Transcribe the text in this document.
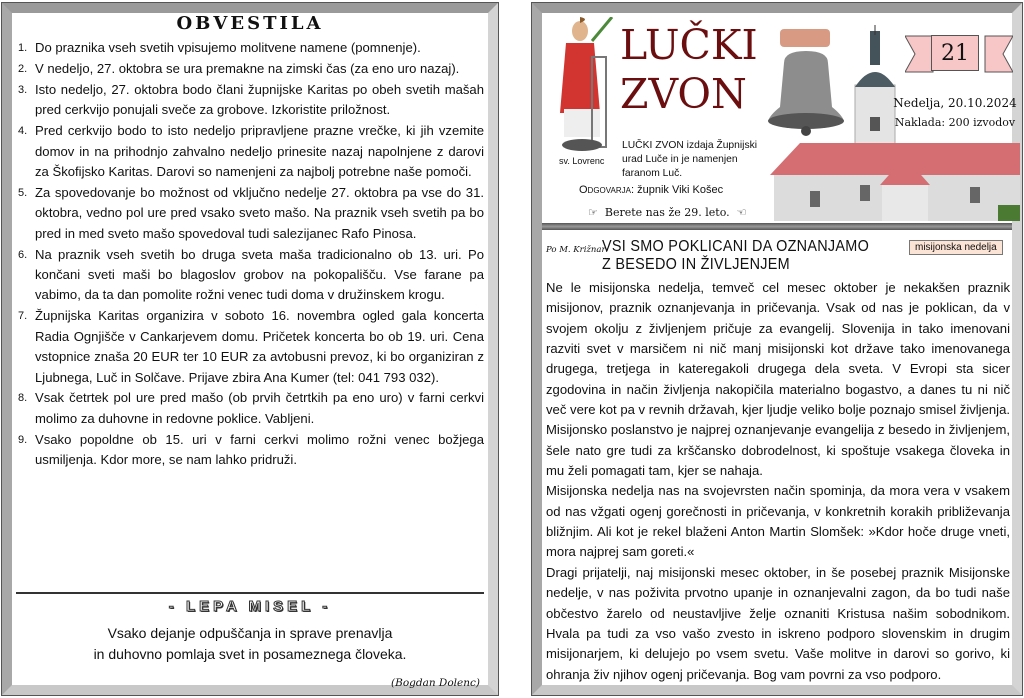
OBVESTILA
1. Do praznika vseh svetih vpisujemo molitvene namene (pomnenje).
2. V nedeljo, 27. oktobra se ura premakne na zimski čas (za eno uro nazaj).
3. Isto nedeljo, 27. oktobra bodo člani župnijske Karitas po obeh svetih mašah pred cerkvijo ponujali sveče za grobove. Izkoristite priložnost.
4. Pred cerkvijo bodo to isto nedeljo pripravljene prazne vrečke, ki jih vzemite domov in na prihodnjo zahvalno nedeljo prinesite nazaj napolnjene z darovi za Škofijsko Karitas. Darovi so namenjeni za najbolj potrebne naše pomoči.
5. Za spovedovanje bo možnost od vključno nedelje 27. oktobra pa vse do 31. oktobra, vedno pol ure pred vsako sveto mašo. Na praznik vseh svetih pa bo pred in med sveto mašo spovedoval tudi salezijanec Rafo Pinosa.
6. Na praznik vseh svetih bo druga sveta maša tradicionalno ob 13. uri. Po končani sveti maši bo blagoslov grobov na pokopališču. Vse farane pa vabimo, da ta dan pomolite rožni venec tudi doma v družinskem krogu.
7. Župnijska Karitas organizira v soboto 16. novembra ogled gala koncerta Radia Ognjišče v Cankarjevem domu. Pričetek koncerta bo ob 19. uri. Cena vstopnice znaša 20 EUR ter 10 EUR za avtobusni prevoz, ki bo organiziran z Ljubnega, Luč in Solčave. Prijave zbira Ana Kumer (tel: 041 793 032).
8. Vsak četrtek pol ure pred mašo (ob prvih četrtkih pa eno uro) v farni cerkvi molimo za duhovne in redovne poklice. Vabljeni.
9. Vsako popoldne ob 15. uri v farni cerkvi molimo rožni venec božjega usmiljenja. Kdor more, se nam lahko pridruži.
- LEPA MISEL -
Vsako dejanje odpuščanja in sprave prenavlja
in duhovno pomlaja svet in posameznega človeka.
(Bogdan Dolenc)
sv. Lovrenc
LUČKI
ZVON
LUČKI ZVON izdaja Župnijski urad Luče in je namenjen faranom Luč.
Odgovarja: župnik Viki Košec
☞ Berete nas že 29. leto. ☜
21
Nedelja, 20.10.2024
Naklada: 200 izvodov
Po M. Križnar:
VSI SMO POKLICANI DA OZNANJAMO
Z BESEDO IN ŽIVLJENJEM
misijonska nedelja

Ne le misijonska nedelja, temveč cel mesec oktober je nekakšen praznik misijonov, praznik oznanjevanja in pričevanja. Vsak od nas je poklican, da v svojem okolju z življenjem pričuje za evangelij. Slovenija in tako imenovani razviti svet v marsičem ni nič manj misijonski kot države tako imenovanega drugega, tretjega in kateregakoli drugega dela sveta. V Evropi sta sicer zgodovina in način življenja nakopičila materialno bogastvo, a danes tu ni nič več vere kot pa v revnih državah, kjer ljudje veliko bolje poznajo smisel življenja. Misijonsko poslanstvo je najprej oznanjevanje evangelija z besedo in življenjem, šele nato gre tudi za krščansko dobrodelnost, ki spoštuje vsakega človeka in mu želi pomagati tam, kjer se nahaja.

Misijonska nedelja nas na svojevrsten način spominja, da mora vera v vsakem od nas vžgati ogenj gorečnosti in pričevanja, v konkretnih korakih približevanja bližnjim. Ali kot je rekel blaženi Anton Martin Slomšek: »Kdor hoče druge vneti, mora najprej sam goreti.«

Dragi prijatelji, naj misijonski mesec oktober, in še posebej praznik Misijonske nedelje, v nas poživita prvotno upanje in oznanjevalni zagon, da bo tudi naše občestvo žarelo od neustavljive želje oznaniti Kristusa našim sobodnikom. Hvala pa tudi za vso vašo zvesto in iskreno podporo slovenskim in drugim misijonarjem, ki delujejo po vsem svetu. Vaše molitve in darovi so gorivo, ki ohranja živ njihov ogenj pričevanja. Bog vam povrni za vso podporo.
